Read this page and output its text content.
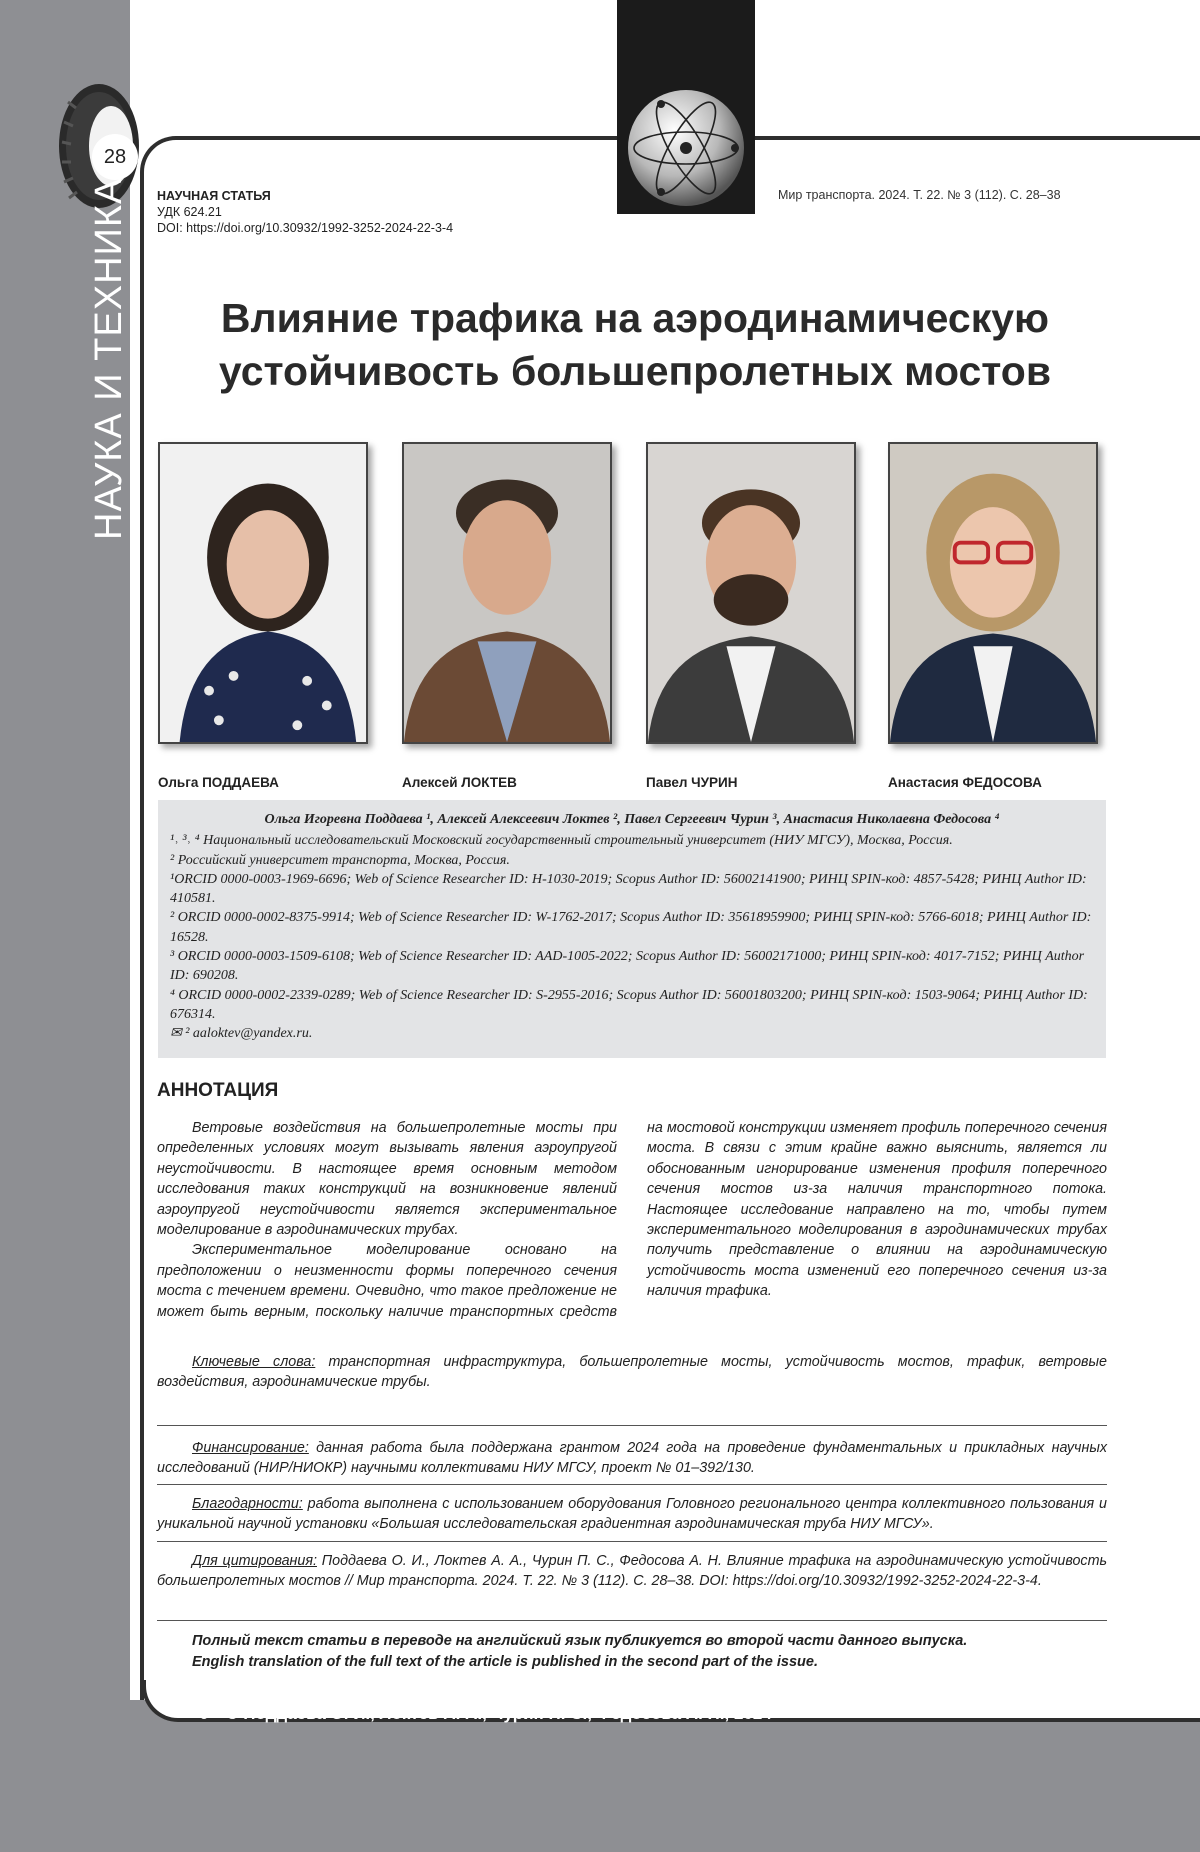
28
НАУКА И ТЕХНИКА НАУЧНАЯ СТАТЬЯ
УДК 624.21
DOI: https://doi.org/10.30932/1992-3252-2024-22-3-4
Мир транспорта. 2024. Т. 22. № 3 (112). С. 28–38
Влияние трафика на аэродинамическую
устойчивость большепролетных мостов
Ольга ПОДДАЕВА	Алексей ЛОКТЕВ	Павел ЧУРИН	Анастасия ФЕДОСОВА

Ольга Игоревна Поддаева ¹, Алексей Алексеевич Локтев ², Павел Сергеевич Чурин ³, Анастасия Николаевна Федосова ⁴

¹˒ ³˒ ⁴ Национальный исследовательский Московский государственный строительный университет (НИУ МГСУ), Москва, Россия.

² Российский университет транспорта, Москва, Россия.

¹ORCID 0000-0003-1969-6696; Web of Science Researcher ID: H-1030-2019; Scopus Author ID: 56002141900; РИНЦ SPIN-код: 4857-5428; РИНЦ Author ID: 410581.

² ORCID 0000-0002-8375-9914; Web of Science Researcher ID: W-1762-2017; Scopus Author ID: 35618959900; РИНЦ SPIN-код: 5766-6018; РИНЦ Author ID: 16528.

³ ORCID 0000-0003-1509-6108; Web of Science Researcher ID: AAD-1005-2022; Scopus Author ID: 56002171000; РИНЦ SPIN-код: 4017-7152; РИНЦ Author ID: 690208.

⁴ ORCID 0000-0002-2339-0289; Web of Science Researcher ID: S-2955-2016; Scopus Author ID: 56001803200; РИНЦ SPIN-код: 1503-9064; РИНЦ Author ID: 676314.

✉ ² aaloktev@yandex.ru.

АННОТАЦИЯ

Ветровые воздействия на большепролетные мосты при определенных условиях могут вызывать явления аэроупругой неустойчивости. В настоящее время основным методом исследования таких конструкций на возникновение явлений аэроупругой неустойчивости является экспериментальное моделирование в аэродинамических трубах.

Экспериментальное моделирование основано на предположении о неизменности формы поперечного сечения моста с течением времени. Очевидно, что такое предложение не может быть верным, поскольку наличие транспортных средств на мостовой конструкции изменяет профиль поперечного сечения моста. В связи с этим крайне важно выяснить, является ли обоснованным игнорирование изменения профиля поперечного сечения мостов из-за наличия транспортного потока. Настоящее исследование направлено на то, чтобы путем экспериментального моделирования в аэродинамических трубах получить представление о влиянии на аэродинамическую устойчивость моста изменений его поперечного сечения из-за наличия трафика.

Ключевые слова: транспортная инфраструктура, большепролетные мосты, устойчивость мостов, трафик, ветровые воздействия, аэродинамические трубы.
Финансирование: данная работа была поддержана грантом 2024 года на проведение фундаментальных и прикладных научных исследований (НИР/НИОКР) научными коллективами НИУ МГСУ, проект № 01–392/130.
Благодарности: работа выполнена с использованием оборудования Головного регионального центра коллективного пользования и уникальной научной установки «Большая исследовательская градиентная аэродинамическая труба НИУ МГСУ».
Для цитирования: Поддаева О. И., Локтев А. А., Чурин П. С., Федосова А. Н. Влияние трафика на аэродинамическую устойчивость большепролетных мостов // Мир транспорта. 2024. Т. 22. № 3 (112). С. 28–38. DOI: https://doi.org/10.30932/1992-3252-2024-22-3-4.
Полный текст статьи в переводе на английский язык публикуется во второй части данного выпуска.
English translation of the full text of the article is published in the second part of the issue.
© Поддаева О. И., Локтев А. А., Чурин П. С., Федосова А. Н., 2024
